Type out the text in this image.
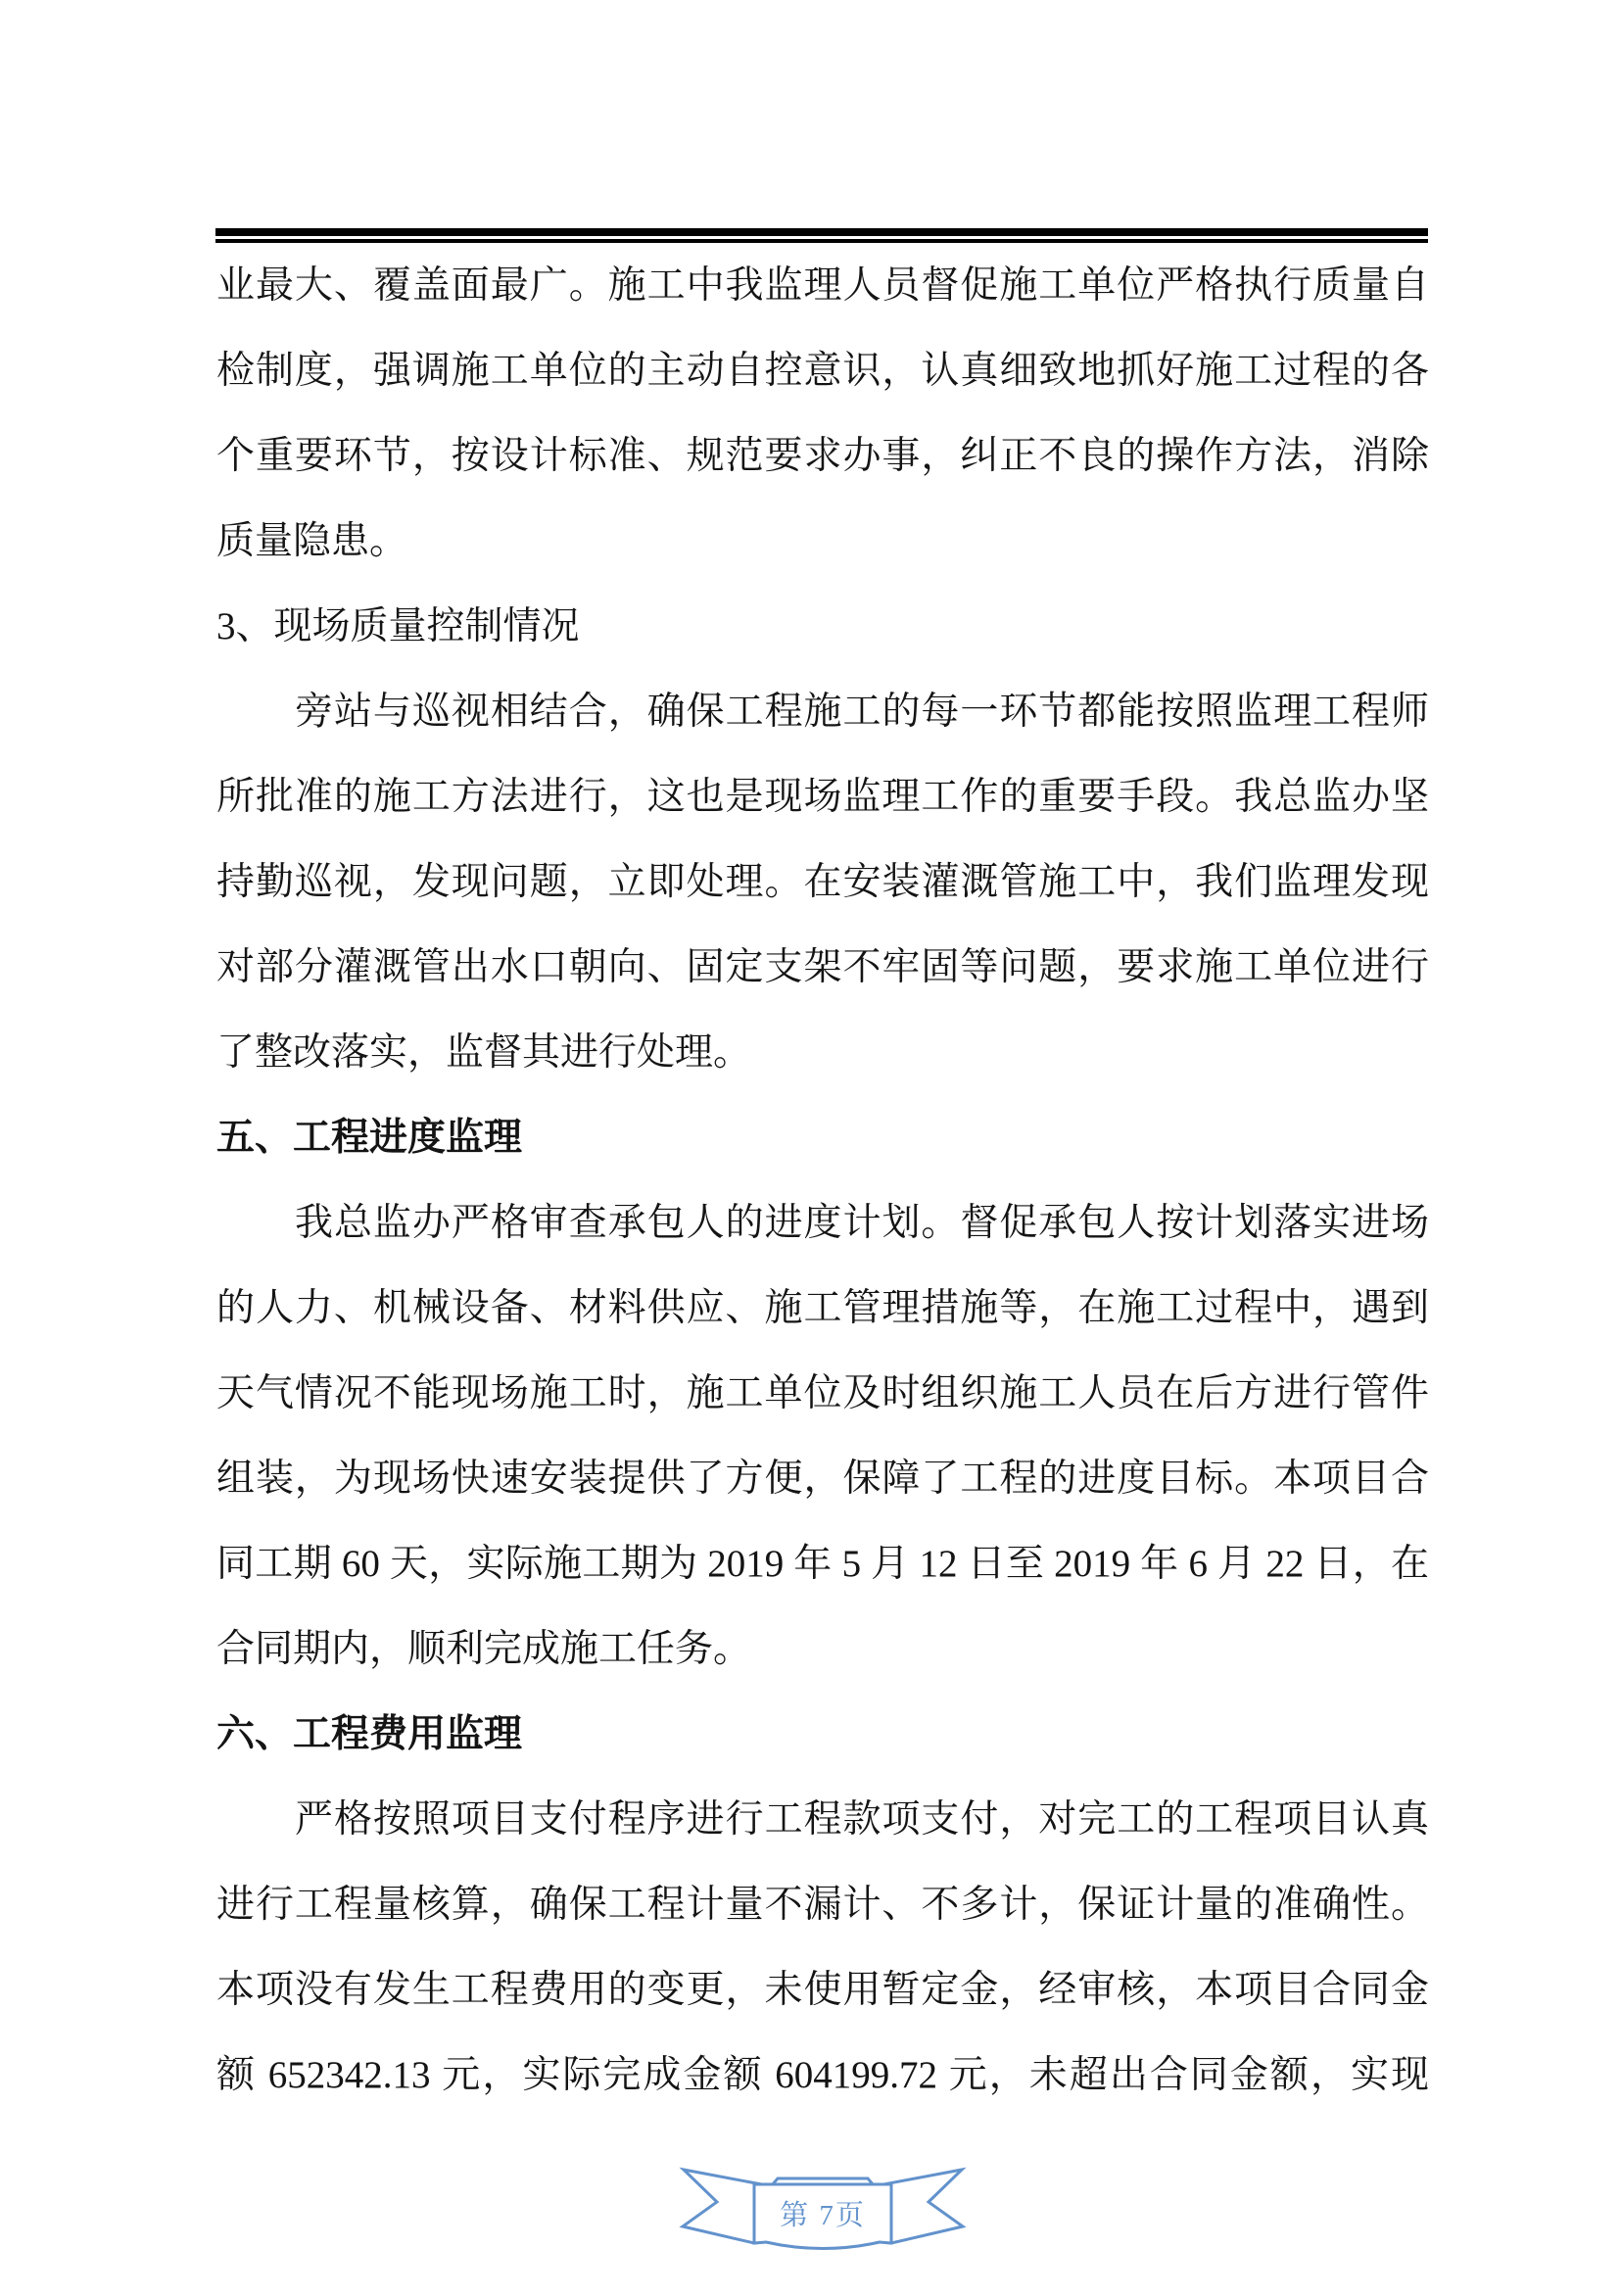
业最大、覆盖面最广。施工中我监理人员督促施工单位严格执行质量自
检制度，强调施工单位的主动自控意识，认真细致地抓好施工过程的各
个重要环节，按设计标准、规范要求办事，纠正不良的操作方法，消除
质量隐患。
3、现场质量控制情况
旁站与巡视相结合，确保工程施工的每一环节都能按照监理工程师
所批准的施工方法进行，这也是现场监理工作的重要手段。我总监办坚
持勤巡视，发现问题，立即处理。在安装灌溉管施工中，我们监理发现
对部分灌溉管出水口朝向、固定支架不牢固等问题，要求施工单位进行
了整改落实，监督其进行处理。
五、工程进度监理
我总监办严格审查承包人的进度计划。督促承包人按计划落实进场
的人力、机械设备、材料供应、施工管理措施等，在施工过程中，遇到
天气情况不能现场施工时，施工单位及时组织施工人员在后方进行管件
组装，为现场快速安装提供了方便，保障了工程的进度目标。本项目合
同工期 60 天，实际施工期为 2019 年 5 月 12 日至 2019 年 6 月 22 日，在
合同期内，顺利完成施工任务。
六、工程费用监理
严格按照项目支付程序进行工程款项支付，对完工的工程项目认真
进行工程量核算，确保工程计量不漏计、不多计，保证计量的准确性。
本项没有发生工程费用的变更，未使用暂定金，经审核，本项目合同金
额 652342.13 元，实际完成金额 604199.72 元，未超出合同金额，实现
第 7页
